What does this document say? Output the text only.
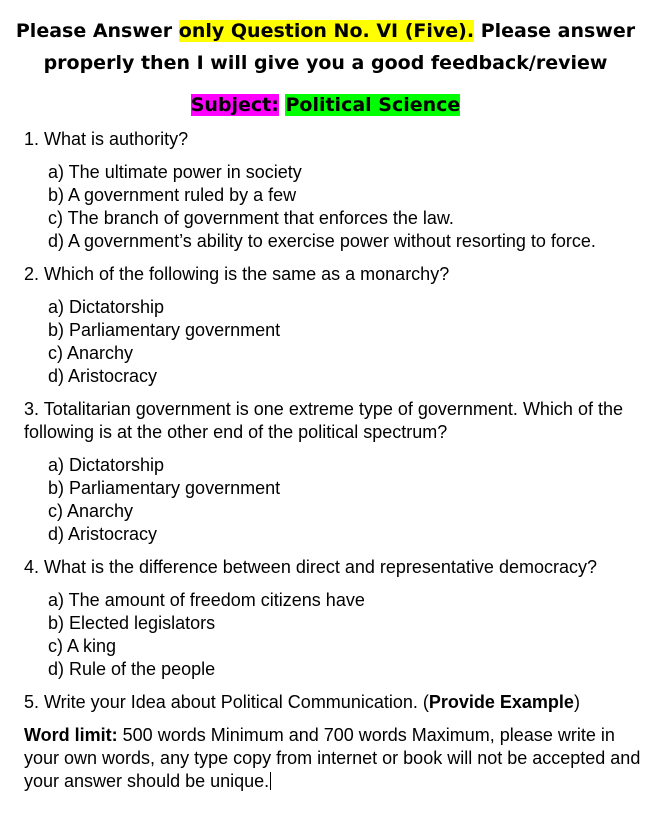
Please Answer only Question No. VI (Five). Please answer
properly then I will give you a good feedback/review
Subject: Political Science
1. What is authority?
a) The ultimate power in society
b) A government ruled by a few
c) The branch of government that enforces the law.
d) A government’s ability to exercise power without resorting to force.
2. Which of the following is the same as a monarchy?
a) Dictatorship
b) Parliamentary government
c) Anarchy
d) Aristocracy
3. Totalitarian government is one extreme type of government. Which of the following is at the other end of the political spectrum?
a) Dictatorship
b) Parliamentary government
c) Anarchy
d) Aristocracy
4. What is the difference between direct and representative democracy?
a) The amount of freedom citizens have
b) Elected legislators
c) A king
d) Rule of the people
5. Write your Idea about Political Communication. (Provide Example)
Word limit: 500 words Minimum and 700 words Maximum, please write in your own words, any type copy from internet or book will not be accepted and your answer should be unique.
